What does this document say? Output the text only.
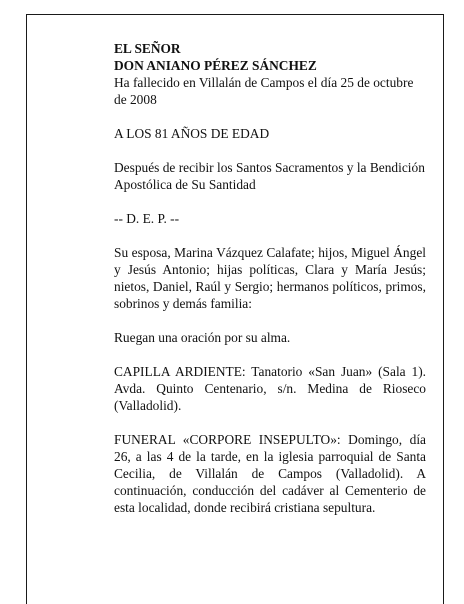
EL SEÑOR

DON ANIANO PÉREZ SÁNCHEZ

Ha fallecido en Villalán de Campos el día 25 de octubre de 2008

A LOS 81 AÑOS DE EDAD

Después de recibir los Santos Sacramentos y la Bendición Apostólica de Su Santidad

-- D. E. P. --

Su esposa, Marina Vázquez Calafate; hijos, Miguel Ángel y Jesús Antonio; hijas políticas, Clara y María Jesús; nietos, Daniel, Raúl y Sergio; hermanos políticos, primos, sobrinos y demás familia:

Ruegan una oración por su alma.

CAPILLA ARDIENTE: Tanatorio «San Juan» (Sala 1). Avda. Quinto Centenario, s/n. Medina de Rioseco (Valladolid).

FUNERAL «CORPORE INSEPULTO»: Domingo, día 26, a las 4 de la tarde, en la iglesia parroquial de Santa Cecilia, de Villalán de Campos (Valladolid). A continuación, conducción del cadáver al Cementerio de esta localidad, donde recibirá cristiana sepultura.
